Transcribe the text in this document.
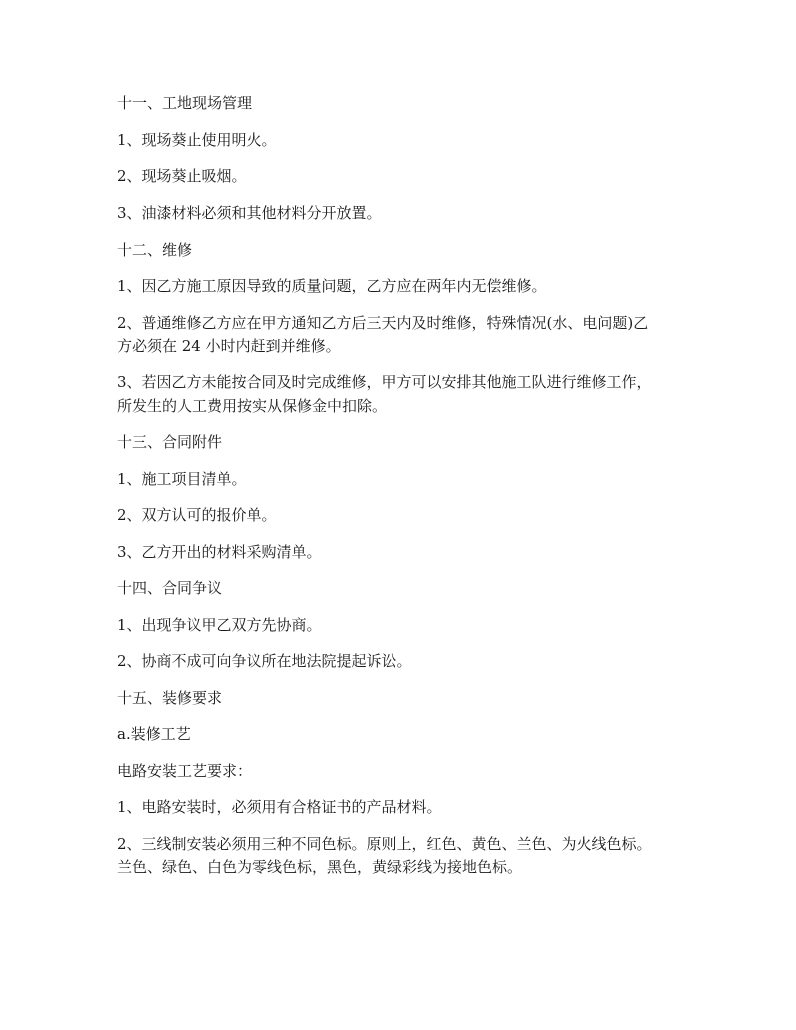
十一、工地现场管理

1、现场葵止使用明火。

2、现场葵止吸烟。

3、油漆材料必须和其他材料分开放置。

十二、维修

1、因乙方施工原因导致的质量问题，乙方应在两年内无偿维修。

2、普通维修乙方应在甲方通知乙方后三天内及时维修，特殊情况(水、电问题)乙

方必须在 24 小时内赶到并维修。

3、若因乙方未能按合同及时完成维修，甲方可以安排其他施工队进行维修工作，

所发生的人工费用按实从保修金中扣除。

十三、合同附件

1、施工项目清单。

2、双方认可的报价单。

3、乙方开出的材料采购清单。

十四、合同争议

1、出现争议甲乙双方先协商。

2、协商不成可向争议所在地法院提起诉讼。

十五、装修要求

a.装修工艺

电路安装工艺要求：

1、电路安装时，必须用有合格证书的产品材料。

2、三线制安装必须用三种不同色标。原则上，红色、黄色、兰色、为火线色标。

兰色、绿色、白色为零线色标，黑色，黄绿彩线为接地色标。
